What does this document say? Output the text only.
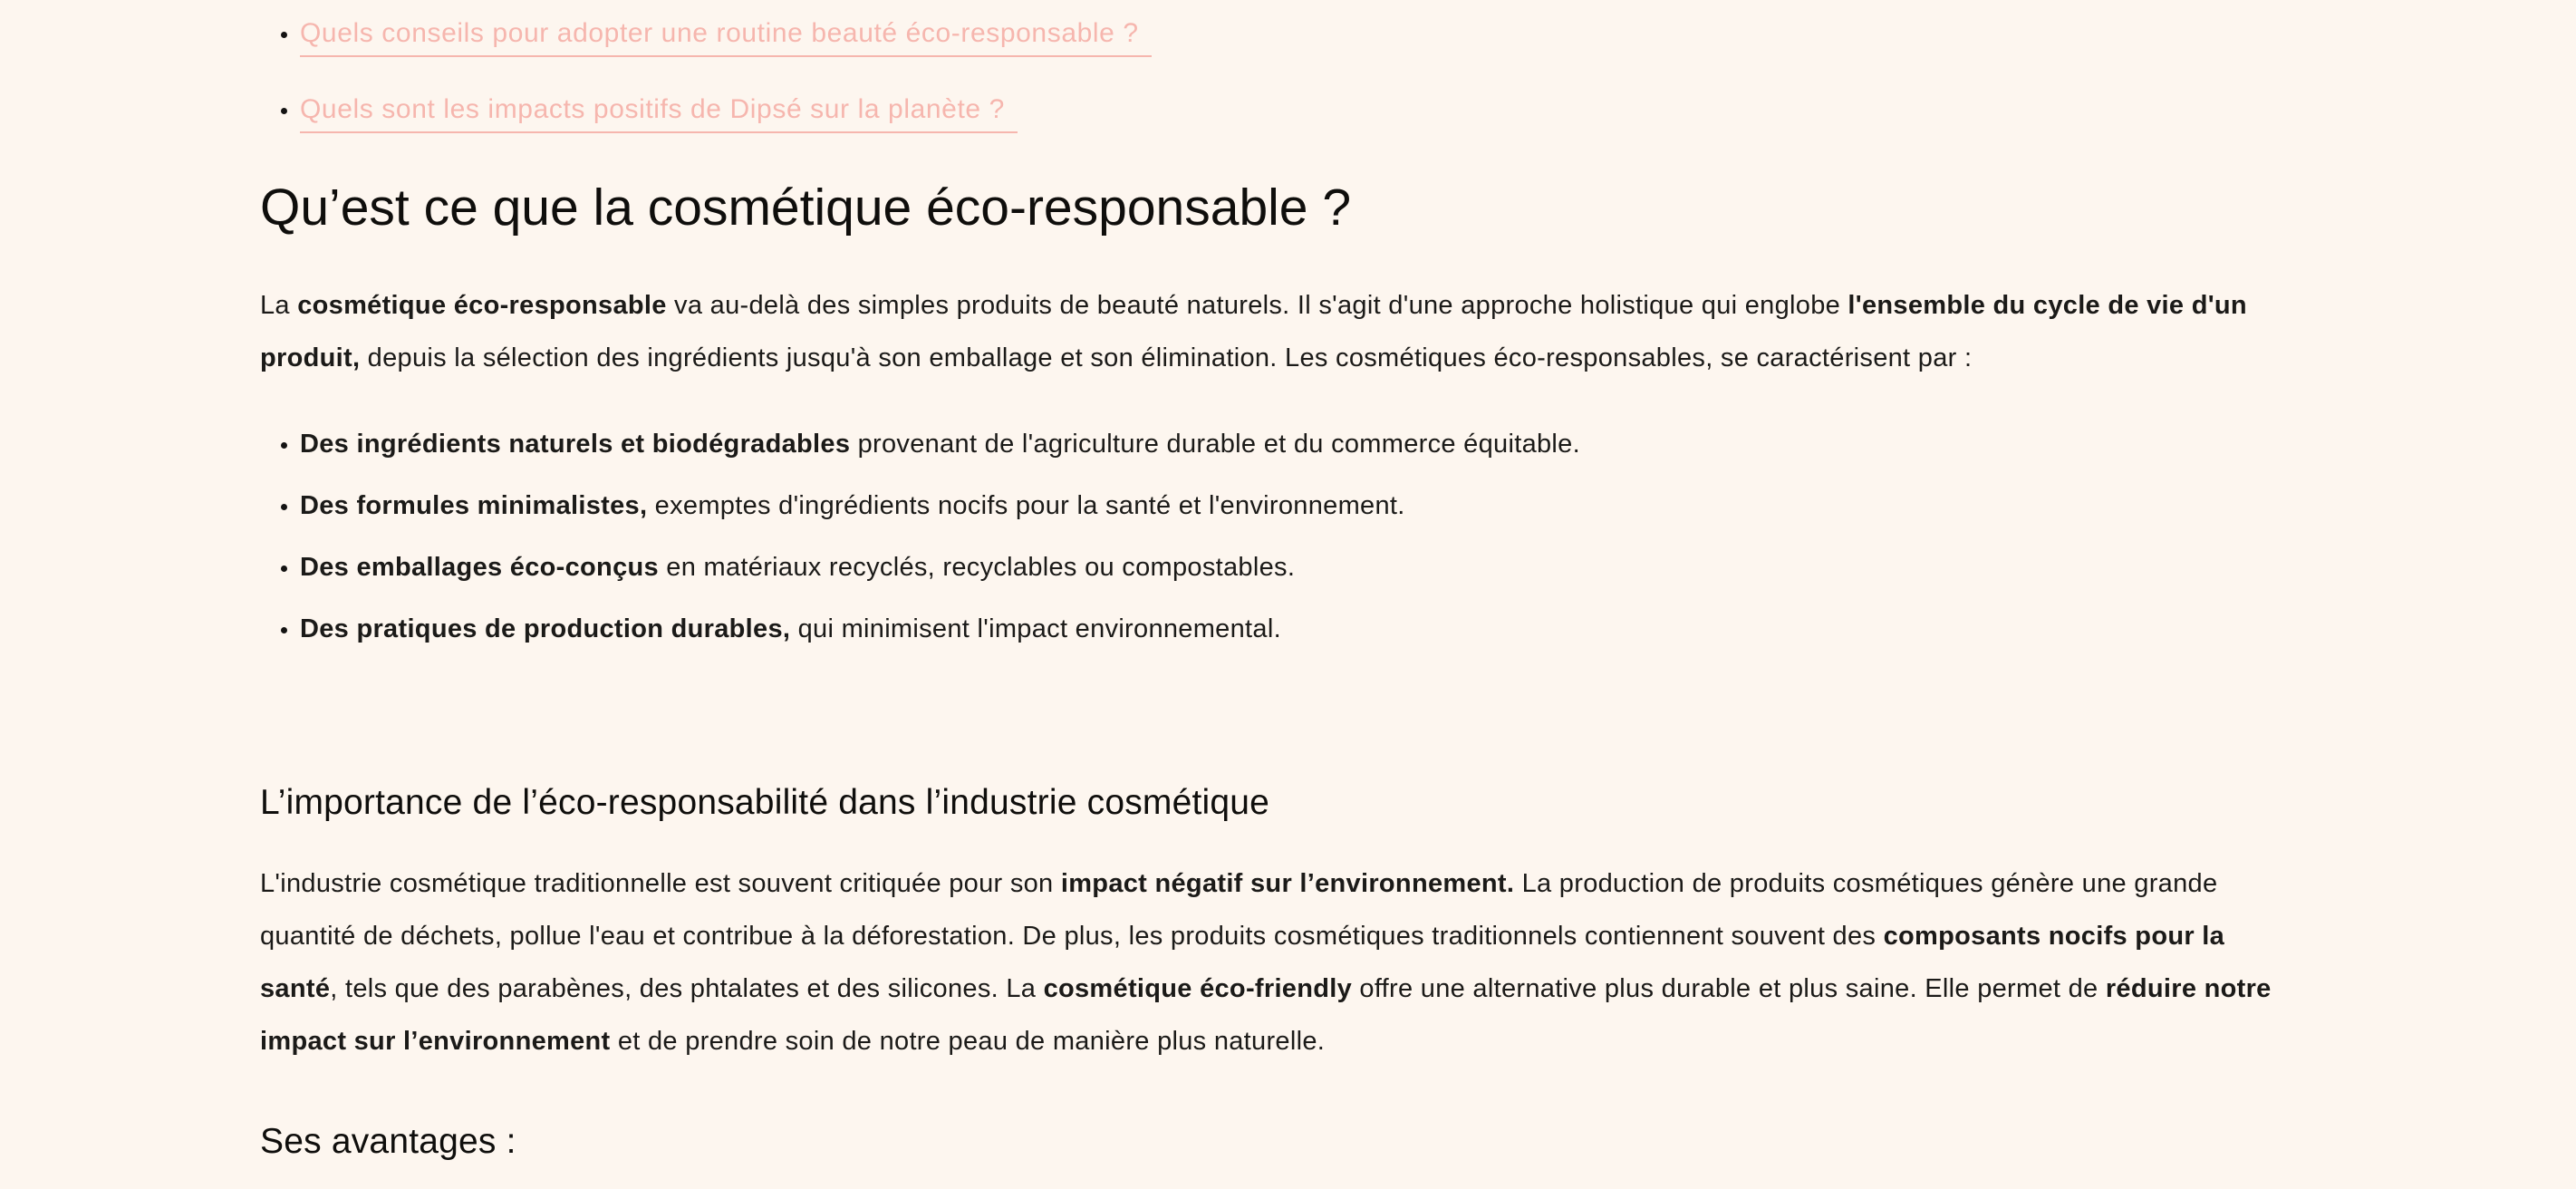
• Quels conseils pour adopter une routine beauté éco-responsable ?
• Quels sont les impacts positifs de Dipsé sur la planète ?
Qu’est ce que la cosmétique éco-responsable ?

La cosmétique éco-responsable va au-delà des simples produits de beauté naturels. Il s'agit d'une approche holistique qui englobe l'ensemble du cycle de vie d'un produit, depuis la sélection des ingrédients jusqu'à son emballage et son élimination. Les cosmétiques éco-responsables, se caractérisent par :

• Des ingrédients naturels et biodégradables provenant de l'agriculture durable et du commerce équitable.
• Des formules minimalistes, exemptes d'ingrédients nocifs pour la santé et l'environnement.
• Des emballages éco-conçus en matériaux recyclés, recyclables ou compostables.
• Des pratiques de production durables, qui minimisent l'impact environnemental.
L’importance de l’éco-responsabilité dans l’industrie cosmétique

L'industrie cosmétique traditionnelle est souvent critiquée pour son impact négatif sur l’environnement. La production de produits cosmétiques génère une grande quantité de déchets, pollue l'eau et contribue à la déforestation. De plus, les produits cosmétiques traditionnels contiennent souvent des composants nocifs pour la santé, tels que des parabènes, des phtalates et des silicones. La cosmétique éco-friendly offre une alternative plus durable et plus saine. Elle permet de réduire notre impact sur l’environnement et de prendre soin de notre peau de manière plus naturelle.

Ses avantages :
